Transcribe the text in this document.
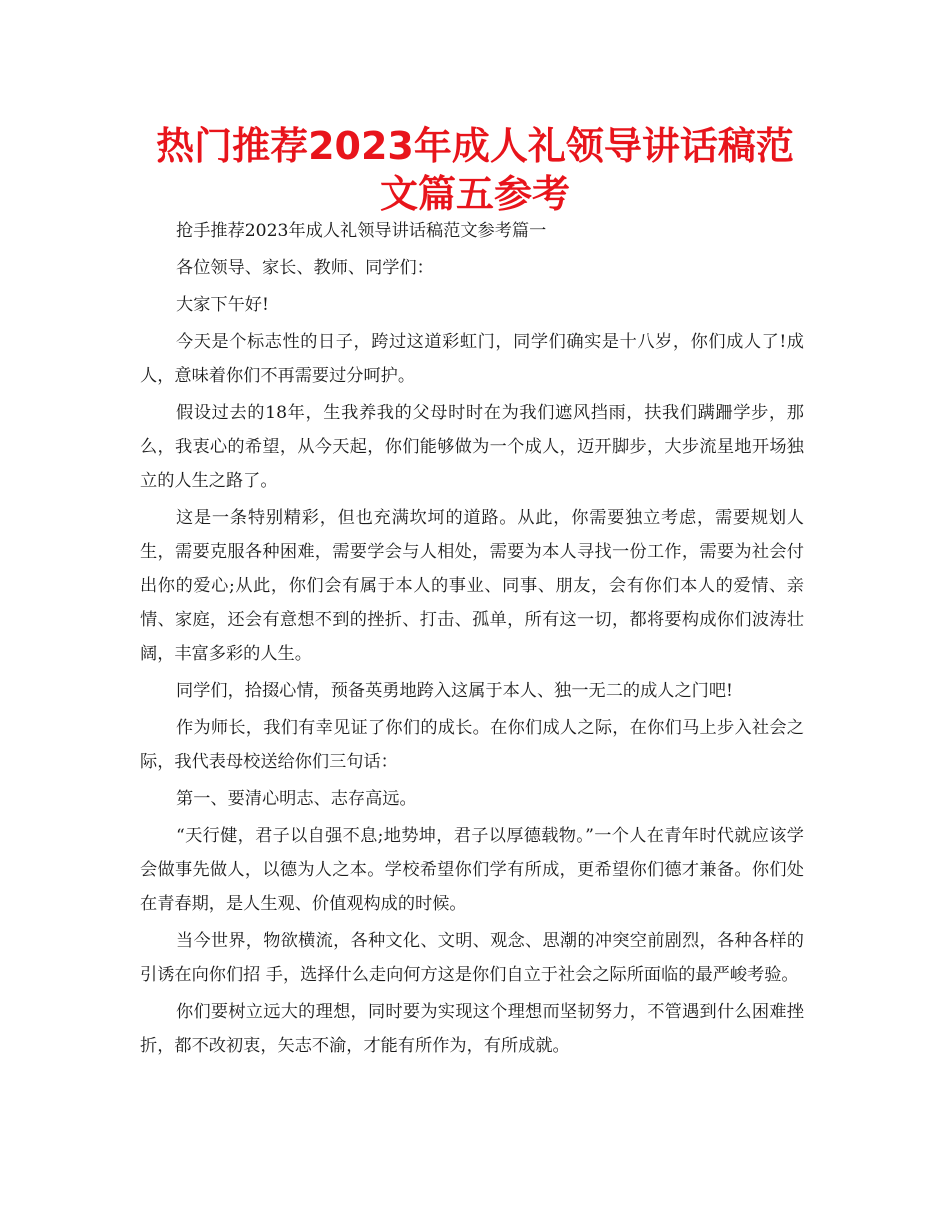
热门推荐2023年成人礼领导讲话稿范文篇五参考

抢手推荐2023年成人礼领导讲话稿范文参考篇一

各位领导、家长、教师、同学们：

大家下午好!

今天是个标志性的日子，跨过这道彩虹门，同学们确实是十八岁，你们成人了!成人，意味着你们不再需要过分呵护。

假设过去的18年，生我养我的父母时时在为我们遮风挡雨，扶我们蹒跚学步，那么，我衷心的希望，从今天起，你们能够做为一个成人，迈开脚步，大步流星地开场独立的人生之路了。

这是一条特别精彩，但也充满坎坷的道路。从此，你需要独立考虑，需要规划人生，需要克服各种困难，需要学会与人相处，需要为本人寻找一份工作，需要为社会付出你的爱心;从此，你们会有属于本人的事业、同事、朋友，会有你们本人的爱情、亲情、家庭，还会有意想不到的挫折、打击、孤单，所有这一切，都将要构成你们波涛壮阔，丰富多彩的人生。

同学们，拾掇心情，预备英勇地跨入这属于本人、独一无二的成人之门吧!

作为师长，我们有幸见证了你们的成长。在你们成人之际，在你们马上步入社会之际，我代表母校送给你们三句话：

第一、要清心明志、志存高远。

“天行健，君子以自强不息;地势坤，君子以厚德载物。”一个人在青年时代就应该学会做事先做人，以德为人之本。学校希望你们学有所成，更希望你们德才兼备。你们处在青春期，是人生观、价值观构成的时候。

当今世界，物欲横流，各种文化、文明、观念、思潮的冲突空前剧烈，各种各样的引诱在向你们招 手，选择什么走向何方这是你们自立于社会之际所面临的最严峻考验。

你们要树立远大的理想，同时要为实现这个理想而坚韧努力，不管遇到什么困难挫折，都不改初衷，矢志不渝，才能有所作为，有所成就。
